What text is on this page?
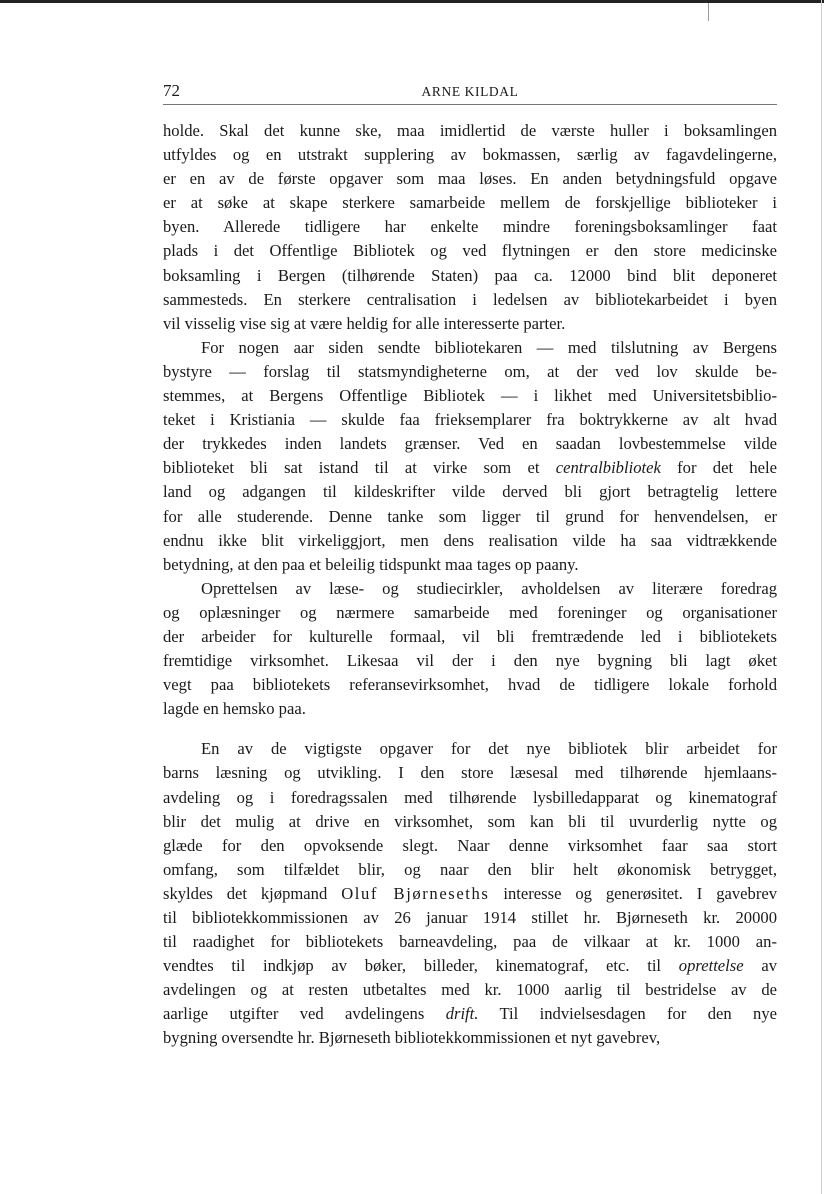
72	ARNE KILDAL
holde. Skal det kunne ske, maa imidlertid de værste huller i boksamlingen
utfyldes og en utstrakt supplering av bokmassen, særlig av fagavdelingerne,
er en av de første opgaver som maa løses. En anden betydningsfuld opgave
er at søke at skape sterkere samarbeide mellem de forskjellige biblioteker i
byen. Allerede tidligere har enkelte mindre foreningsboksamlinger faat
plads i det Offentlige Bibliotek og ved flytningen er den store medicinske
boksamling i Bergen (tilhørende Staten) paa ca. 12000 bind blit deponeret
sammesteds. En sterkere centralisation i ledelsen av bibliotekarbeidet i byen
vil visselig vise sig at være heldig for alle interesserte parter.
For nogen aar siden sendte bibliotekaren — med tilslutning av Bergens
bystyre — forslag til statsmyndigheterne om, at der ved lov skulde be-
stemmes, at Bergens Offentlige Bibliotek — i likhet med Universitetsbiblio-
teket i Kristiania — skulde faa frieksemplarer fra boktrykkerne av alt hvad
der trykkedes inden landets grænser. Ved en saadan lovbestemmelse vilde
biblioteket bli sat istand til at virke som et centralbibliotek for det hele
land og adgangen til kildeskrifter vilde derved bli gjort betragtelig lettere
for alle studerende. Denne tanke som ligger til grund for henvendelsen, er
endnu ikke blit virkeliggjort, men dens realisation vilde ha saa vidtrækkende
betydning, at den paa et beleilig tidspunkt maa tages op paany.
Oprettelsen av læse- og studiecirkler, avholdelsen av literære foredrag
og oplæsninger og nærmere samarbeide med foreninger og organisationer
der arbeider for kulturelle formaal, vil bli fremtrædende led i bibliotekets
fremtidige virksomhet. Likesaa vil der i den nye bygning bli lagt øket
vegt paa bibliotekets referansevirksomhet, hvad de tidligere lokale forhold
lagde en hemsko paa.
En av de vigtigste opgaver for det nye bibliotek blir arbeidet for
barns læsning og utvikling. I den store læsesal med tilhørende hjemlaans-
avdeling og i foredragssalen med tilhørende lysbilledapparat og kinematograf
blir det mulig at drive en virksomhet, som kan bli til uvurderlig nytte og
glæde for den opvoksende slegt. Naar denne virksomhet faar saa stort
omfang, som tilfældet blir, og naar den blir helt økonomisk betrygget,
skyldes det kjøpmand Oluf Bjørneseths interesse og generøsitet. I gavebrev
til bibliotekkommissionen av 26 januar 1914 stillet hr. Bjørneseth kr. 20000
til raadighet for bibliotekets barneavdeling, paa de vilkaar at kr. 1000 an-
vendtes til indkjøp av bøker, billeder, kinematograf, etc. til oprettelse av
avdelingen og at resten utbetaltes med kr. 1000 aarlig til bestridelse av de
aarlige utgifter ved avdelingens drift. Til indvielsesdagen for den nye
bygning oversendte hr. Bjørneseth bibliotekkommissionen et nyt gavebrev,
